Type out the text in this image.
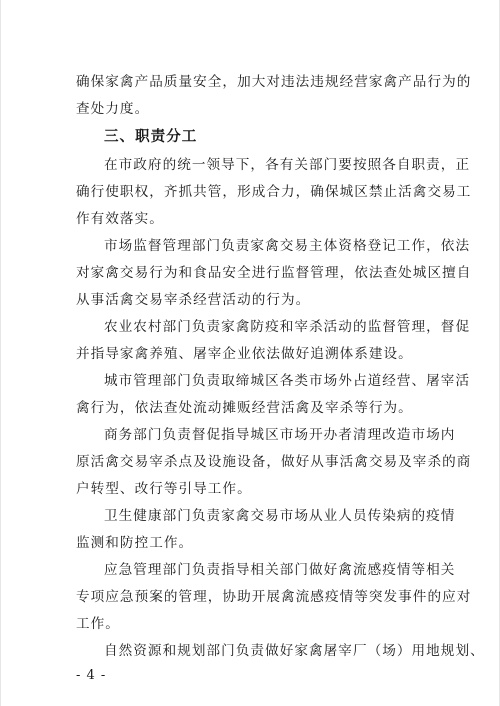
确保家禽产品质量安全，加大对违法违规经营家禽产品行为的
查处力度。
三、职责分工
在市政府的统一领导下，各有关部门要按照各自职责，正
确行使职权，齐抓共管，形成合力，确保城区禁止活禽交易工
作有效落实。
市场监督管理部门负责家禽交易主体资格登记工作，依法
对家禽交易行为和食品安全进行监督管理，依法查处城区擅自
从事活禽交易宰杀经营活动的行为。
农业农村部门负责家禽防疫和宰杀活动的监督管理，督促
并指导家禽养殖、屠宰企业依法做好追溯体系建设。
城市管理部门负责取缔城区各类市场外占道经营、屠宰活
禽行为，依法查处流动摊贩经营活禽及宰杀等行为。
商务部门负责督促指导城区市场开办者清理改造市场内
原活禽交易宰杀点及设施设备，做好从事活禽交易及宰杀的商
户转型、改行等引导工作。
卫生健康部门负责家禽交易市场从业人员传染病的疫情
监测和防控工作。
应急管理部门负责指导相关部门做好禽流感疫情等相关
专项应急预案的管理，协助开展禽流感疫情等突发事件的应对
工作。
自然资源和规划部门负责做好家禽屠宰厂（场）用地规划、
- 4 -
